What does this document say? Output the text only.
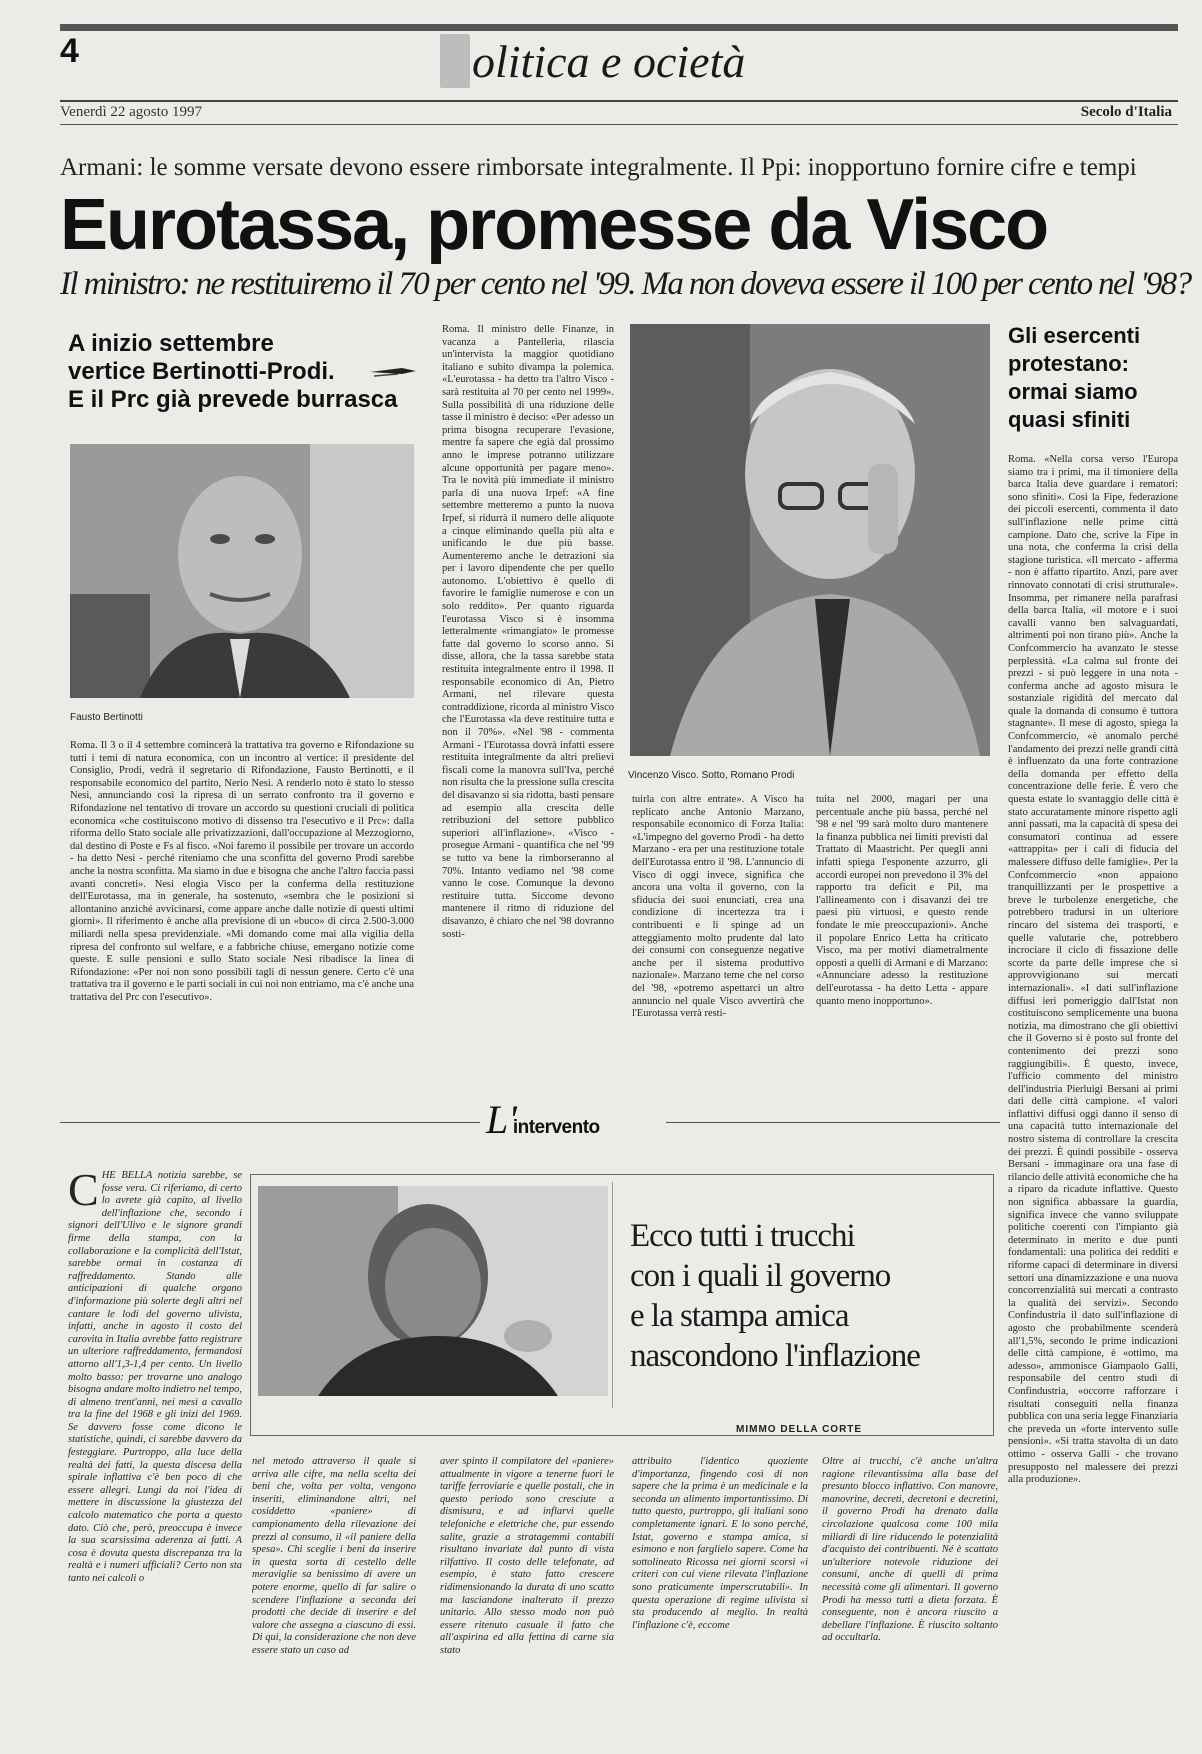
4	olitica e ocietà
Venerdì 22 agosto 1997	Secolo d'Italia
Armani: le somme versate devono essere rimborsate integralmente. Il Ppi: inopportuno fornire cifre e tempi
Eurotassa, promesse da Visco
Il ministro: ne restituiremo il 70 per cento nel '99. Ma non doveva essere il 100 per cento nel '98?
A inizio settembre
vertice Bertinotti-Prodi.
E il Prc già prevede burrasca
Fausto Bertinotti
Roma. Il 3 o il 4 settembre comincerà la trattativa tra governo e Rifondazione su tutti i temi di natura economica, con un incontro al vertice: il presidente del Consiglio, Prodi, vedrà il segretario di Rifondazione, Fausto Bertinotti, e il responsabile economico del partito, Nerio Nesi. A renderlo noto è stato lo stesso Nesi, annunciando così la ripresa di un serrato confronto tra il governo e Rifondazione nel tentativo di trovare un accordo su questioni cruciali di politica economica «che costituiscono motivo di dissenso tra l'esecutivo e il Prc»: dalla riforma dello Stato sociale alle privatizzazioni, dall'occupazione al Mezzogiorno, dal destino di Poste e Fs al fisco. «Noi faremo il possibile per trovare un accordo - ha detto Nesi - perché riteniamo che una sconfitta del governo Prodi sarebbe anche la nostra sconfitta. Ma siamo in due e bisogna che anche l'altro faccia passi avanti concreti». Nesi elogia Visco per la conferma della restituzione dell'Eurotassa, ma in generale, ha sostenuto, «sembra che le posizioni si allontanino anziché avvicinarsi, come appare anche dalle notizie di questi ultimi giorni». Il riferimento è anche alla previsione di un «buco» di circa 2.500-3.000 miliardi nella spesa previdenziale. «Mi domando come mai alla vigilia della ripresa del confronto sul welfare, e a fabbriche chiuse, emergano notizie come queste. E sulle pensioni e sullo Stato sociale Nesi ribadisce la linea di Rifondazione: «Per noi non sono possibili tagli di nessun genere. Certo c'è una trattativa tra il governo e le parti sociali in cui noi non entriamo, ma c'è anche una trattativa del Prc con l'esecutivo».
Roma. Il ministro delle Finanze, in vacanza a Pantelleria, rilascia un'intervista la maggior quotidiano italiano e subito divampa la polemica. «L'eurotassa - ha detto tra l'altro Visco - sarà restituita al 70 per cento nel 1999». Sulla possibilità di una riduzione delle tasse il ministro è deciso: «Per adesso un prima bisogna recuperare l'evasione, mentre fa sapere che egià dal prossimo anno le imprese potranno utilizzare alcune opportunità per pagare meno». Tra le novità più immediate il ministro parla di una nuova Irpef: «A fine settembre metteremo a punto la nuova Irpef, si ridurrà il numero delle aliquote a cinque eliminando quella più alta e unificando le due più basse. Aumenteremo anche le detrazioni sia per i lavoro dipendente che per quello autonomo. L'obiettivo è quello di favorire le famiglie numerose e con un solo reddito». Per quanto riguarda l'eurotassa Visco si è insomma letteralmente «rimangiato» le promesse fatte dal governo lo scorso anno. Si disse, allora, che la tassa sarebbe stata restituita integralmente entro il 1998. Il responsabile economico di An, Pietro Armani, nel rilevare questa contraddizione, ricorda al ministro Visco che l'Eurotassa «la deve restituire tutta e non il 70%». «Nel '98 - commenta Armani - l'Eurotassa dovrà infatti essere restituita integralmente da altri prelievi fiscali come la manovra sull'Iva, perché non risulta che la pressione sulla crescita del disavanzo si sia ridotta, basti pensare ad esempio alla crescita delle retribuzioni del settore pubblico superiori all'inflazione». «Visco - prosegue Armani - quantifica che nel '99 se tutto va bene la rimborseranno al 70%. Intanto vediamo nel '98 come vanno le cose. Comunque la devono restituire tutta. Siccome devono mantenere il ritmo di riduzione del disavanzo, è chiaro che nel '98 dovranno sosti-
Vincenzo Visco. Sotto, Romano Prodi
tuirla con altre entrate». A Visco ha replicato anche Antonio Marzano, responsabile economico di Forza Italia: «L'impegno del governo Prodi - ha detto Marzano - era per una restituzione totale dell'Eurotassa entro il '98. L'annuncio di Visco di oggi invece, significa che ancora una volta il governo, con la sfiducia dei suoi enunciati, crea una condizione di incertezza tra i contribuenti e li spinge ad un atteggiamento molto prudente dal lato dei consumi con conseguenze negative anche per il sistema produttivo nazionale». Marzano teme che nel corso del '98, «potremo aspettarci un altro annuncio nel quale Visco avvertirà che l'Eurotassa verrà resti-
tuita nel 2000, magari per una percentuale anche più bassa, perché nel '98 e nel '99 sarà molto duro mantenere la finanza pubblica nei limiti previsti dal Trattato di Maastricht. Per quegli anni infatti spiega l'esponente azzurro, gli accordi europei non prevedono il 3% del rapporto tra deficit e Pil, ma l'allineamento con i disavanzi dei tre paesi più virtuosi, e questo rende fondate le mie preoccupazioni». Anche il popolare Enrico Letta ha criticato Visco, ma per motivi diametralmente opposti a quelli di Armani e di Marzano: «Annunciare adesso la restituzione dell'eurotassa - ha detto Letta - appare quanto meno inopportuno».
Gli esercenti
protestano:
ormai siamo
quasi sfiniti
Roma. «Nella corsa verso l'Europa siamo tra i primi, ma il timoniere della barca Italia deve guardare i rematori: sono sfiniti». Così la Fipe, federazione dei piccoli esercenti, commenta il dato sull'inflazione nelle prime città campione. Dato che, scrive la Fipe in una nota, che conferma la crisi della stagione turistica. «Il mercato - afferma - non è affatto ripartito. Anzi, pare aver rinnovato connotati di crisi strutturale». Insomma, per rimanere nella parafrasi della barca Italia, «il motore e i suoi cavalli vanno ben salvaguardati, altrimenti poi non tirano più». Anche la Confcommercio ha avanzato le stesse perplessità. «La calma sul fronte dei prezzi - si può leggere in una nota - conferma anche ad agosto misura le sostanziale rigidità del mercato dal quale la domanda di consumo è tuttora stagnante». Il mese di agosto, spiega la Confcommercio, «è anomalo perché l'andamento dei prezzi nelle grandi città è influenzato da una forte contrazione della domanda per effetto della concentrazione delle ferie. È vero che questa estate lo svantaggio delle città è stato accuratamente minore rispetto agli anni passati, ma la capacità di spesa dei consumatori continua ad essere «attrappita» per i cali di fiducia del malessere diffuso delle famiglie». Per la Confcommercio «non appaiono tranquillizzanti per le prospettive a breve le turbolenze energetiche, che potrebbero tradursi in un ulteriore rincaro del sistema dei trasporti, e quelle valutarie che, potrebbero incrociare il ciclo di fissazione delle scorte da parte delle imprese che si approvvigionano sui mercati internazionali». «I dati sull'inflazione diffusi ieri pomeriggio dall'Istat non costituiscono semplicemente una buona notizia, ma dimostrano che gli obiettivi che il Governo si è posto sul fronte del contenimento dei prezzi sono raggiungibili». È questo, invece, l'ufficio commento del ministro dell'industria Pierluigi Bersani ai primi dati delle città campione. «I valori inflattivi diffusi oggi danno il senso di una capacità tutto internazionale del nostro sistema di controllare la crescita dei prezzi. È quindi possibile - osserva Bersani - immaginare ora una fase di rilancio delle attività economiche che ha a riparo da ricadute inflattive. Questo non significa abbassare la guardia, significa invece che vanno sviluppate politiche coerenti con l'impianto già determinato in merito e due punti fondamentali: una politica dei redditi e riforme capaci di determinare in diversi settori una dinamizzazione e una nuova concorrenzialità sui mercati a contrasto la qualità dei servizi». Secondo Confindustria il dato sull'inflazione di agosto che probabilmente scenderà all'1,5%, secondo le prime indicazioni delle città campione, è «ottimo, ma adesso», ammonisce Giampaolo Galli, responsabile del centro studi di Confindustria, «occorre rafforzare i risultati conseguiti nella finanza pubblica con una seria legge Finanziaria che preveda un «forte intervento sulle pensioni». «Si tratta stavolta di un dato ottimo - osserva Galli - che trovano presupposto nel malessere dei prezzi alla produzione».
L'intervento
Ecco tutti i trucchi
con i quali il governo
e la stampa amica
nascondono l'inflazione
MIMMO DELLA CORTE
CHE BELLA notizia sarebbe, se fosse vera. Ci riferiamo, di certo lo avrete già capito, al livello dell'inflazione che, secondo i signori dell'Ulivo e le signore grandi firme della stampa, con la collaborazione e la complicità dell'Istat, sarebbe ormai in costanza di raffreddamento. Stando alle anticipazioni di qualche organo d'informazione più solerte degli altri nel cantare le lodi del governo ulivista, infatti, anche in agosto il costo del carovita in Italia avrebbe fatto registrare un ulteriore raffreddamento, fermandosi attorno all'1,3-1,4 per cento. Un livello molto basso: per trovarne uno analogo bisogna andare molto indietro nel tempo, di almeno trent'anni, nei mesi a cavallo tra la fine del 1968 e gli inizi del 1969. Se davvero fosse come dicono le statistiche, quindi, ci sarebbe davvero da festeggiare. Purtroppo, alla luce della realtà dei fatti, la questa discesa della spirale inflattiva c'è ben poco di che essere allegri. Lungi da noi l'idea di mettere in discussione la giustezza del calcolo matematico che porta a questo dato. Ciò che, però, preoccupa è invece la sua scarsissima aderenza ai fatti. A cosa è dovuta questa discrepanza tra la realtà e i numeri ufficiali? Certo non sta tanto nei calcoli o
nel metodo attraverso il quale si arriva alle cifre, ma nella scelta dei beni che, volta per volta, vengono inseriti, eliminandone altri, nel cosiddetto «paniere» di campionamento della rilevazione dei prezzi al consumo, il «il paniere della spesa». Chi sceglie i beni da inserire in questa sorta di cestello delle meraviglie sa benissimo di avere un potere enorme, quello di far salire o scendere l'inflazione a seconda dei prodotti che decide di inserire e del valore che assegna a ciascuno di essi. Di qui, la considerazione che non deve essere stato un caso ad
aver spinto il compilatore del «paniere» attualmente in vigore a tenerne fuori le tariffe ferroviarie e quelle postali, che in questo periodo sono cresciute a dismisura, e ad inflarvi quelle telefoniche e elettriche che, pur essendo salite, grazie a stratagemmi contabili risultano invariate dal punto di vista rilfattivo. Il costo delle telefonate, ad esempio, è stato fatto crescere ridimensionando la durata di uno scatto ma lasciandone inalterato il prezzo unitario. Allo stesso modo non può essere ritenuto casuale il fatto che all'aspirina ed alla fettina di carne sia stato
attribuito l'identico quoziente d'importanza, fingendo così di non sapere che la prima è un medicinale e la seconda un alimento importantissimo. Di tutto questo, purtroppo, gli italiani sono completamente ignari. E lo sono perché, Istat, governo e stampa amica, si esimono e non farglielo sapere. Come ha sottolineato Ricossa nei giorni scorsi «i criteri con cui viene rilevata l'inflazione sono praticamente imperscrutabili». In questa operazione di regime ulivista si sta producendo al meglio. In realtà l'inflazione c'è, eccome
Oltre ai trucchi, c'è anche un'altra ragione rilevantissima alla base del presunto blocco inflattivo. Con manovre, manovrine, decreti, decretoni e decretini, il governo Prodi ha drenato dalla circolazione qualcosa come 100 mila miliardi di lire riducendo le potenzialità d'acquisto dei contribuenti. Né è scattato un'ulteriore notevole riduzione dei consumi, anche di quelli di prima necessità come gli alimentari. Il governo Prodi ha messo tutti a dieta forzata. È conseguente, non è ancora riuscito a debellare l'inflazione. È riuscito soltanto ad occultarla.
